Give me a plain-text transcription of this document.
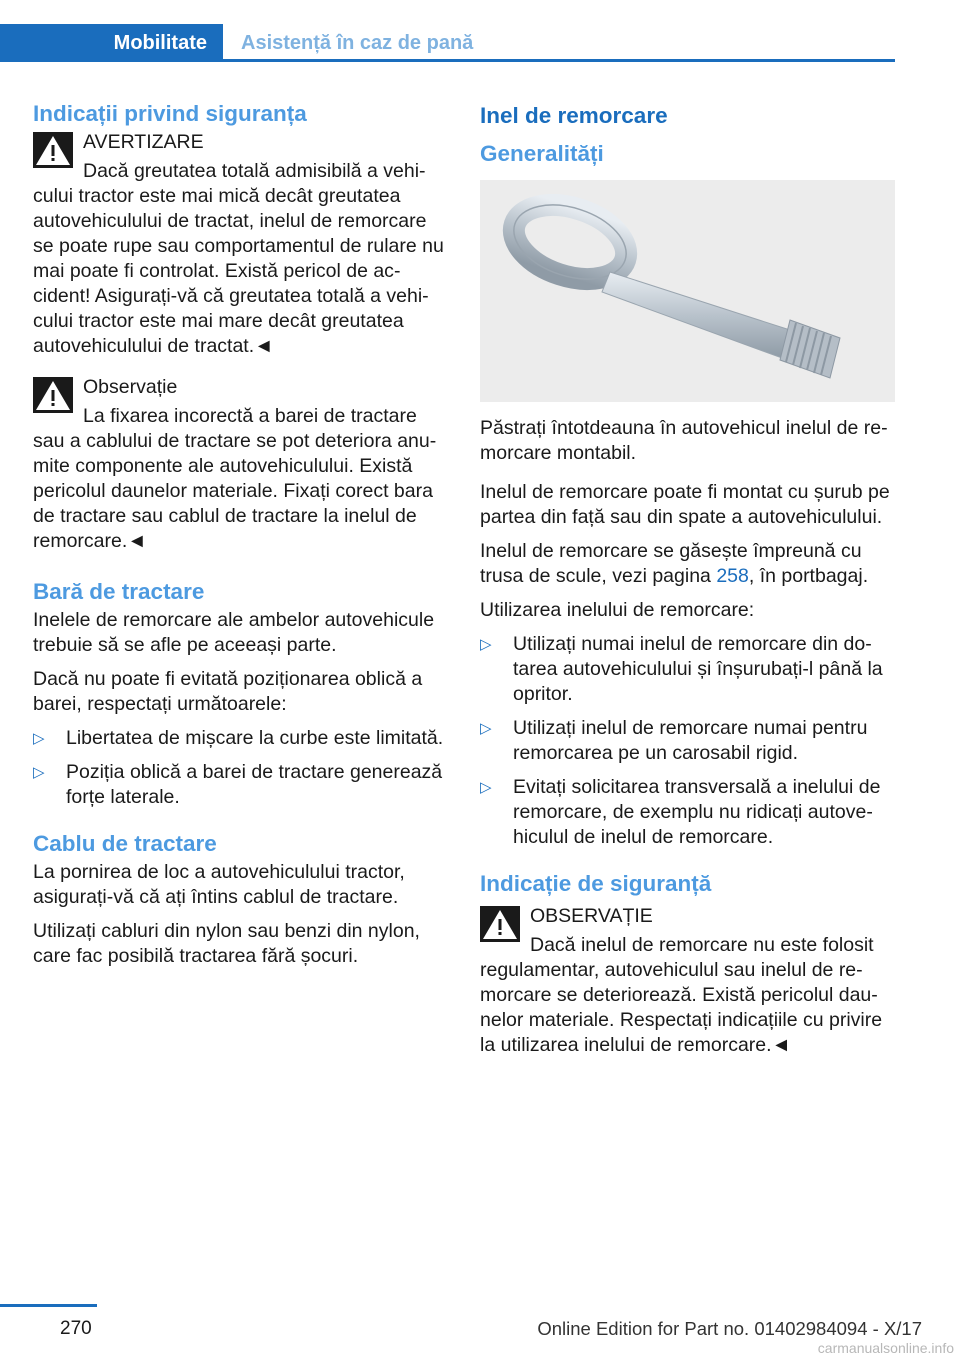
Mobilitate	Asistență în caz de pană
Indicații privind siguranța

AVERTIZARE

Dacă greutatea totală admisibilă a vehicului tractor este mai mică decât greutatea autovehiculului de tractat, inelul de remorcare se poate rupe sau comportamentul de rulare nu mai poate fi controlat. Există pericol de accident! Asigurați-vă că greutatea totală a vehicului tractor este mai mare decât greutatea autovehiculului de tractat.◄

Observație

La fixarea incorectă a barei de tractare sau a cablului de tractare se pot deteriora anumite componente ale autovehiculului. Există pericolul daunelor materiale. Fixați corect bara de tractare sau cablul de tractare la inelul de remorcare.◄

Bară de tractare

Inelele de remorcare ale ambelor autovehicule trebuie să se afle pe aceeași parte.

Dacă nu poate fi evitată poziționarea oblică a barei, respectați următoarele:

▷ Libertatea de mișcare la curbe este limitată.
▷ Poziția oblică a barei de tractare generează forțe laterale.
Cablu de tractare

La pornirea de loc a autovehiculului tractor, asigurați-vă că ați întins cablul de tractare.

Utilizați cabluri din nylon sau benzi din nylon, care fac posibilă tractarea fără șocuri.

Inel de remorcare
Generalități

Păstrați întotdeauna în autovehicul inelul de remorcare montabil.

Inelul de remorcare poate fi montat cu șurub pe partea din față sau din spate a autovehiculului.

Inelul de remorcare se găsește împreună cu trusa de scule, vezi pagina 258, în portbagaj.

Utilizarea inelului de remorcare:

▷ Utilizați numai inelul de remorcare din dotarea autovehiculului și înșurubați-l până la opritor.
▷ Utilizați inelul de remorcare numai pentru remorcarea pe un carosabil rigid.
▷ Evitați solicitarea transversală a inelului de remorcare, de exemplu nu ridicați autovehiculul de inelul de remorcare.
Indicație de siguranță

OBSERVAȚIE

Dacă inelul de remorcare nu este folosit regulamentar, autovehiculul sau inelul de remorcare se deteriorează. Există pericolul daunelor materiale. Respectați indicațiile cu privire la utilizarea inelului de remorcare.◄

270	Online Edition for Part no. 01402984094 - X/17
carmanualsonline.info
